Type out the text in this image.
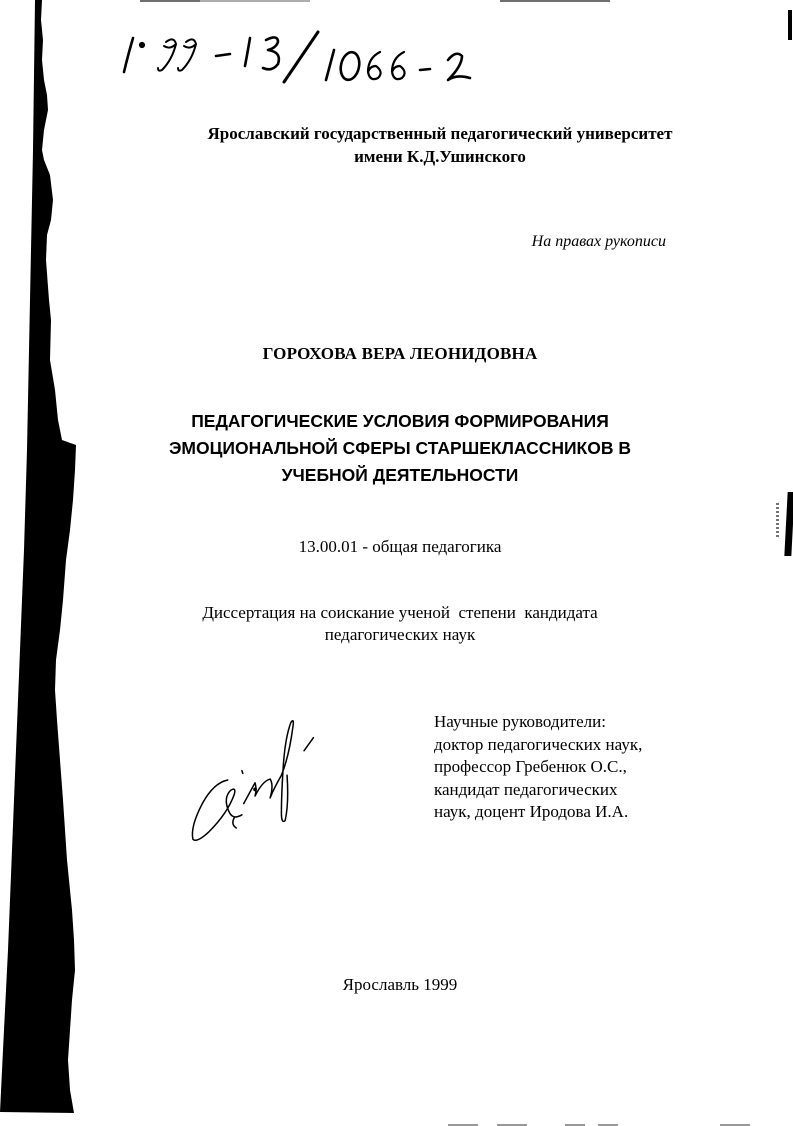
Ярославский государственный педагогический университет
имени К.Д.Ушинского
На правах рукописи
ГОРОХОВА ВЕРА ЛЕОНИДОВНА
ПЕДАГОГИЧЕСКИЕ УСЛОВИЯ ФОРМИРОВАНИЯ
ЭМОЦИОНАЛЬНОЙ СФЕРЫ СТАРШЕКЛАССНИКОВ В
УЧЕБНОЙ ДЕЯТЕЛЬНОСТИ
13.00.01 - общая педагогика
Диссертация на соискание ученой  степени  кандидата
педагогических наук
Научные руководители:
доктор педагогических наук,
профессор Гребенюк О.С.,
кандидат педагогических
наук, доцент Иродова И.А.
Ярославль 1999
